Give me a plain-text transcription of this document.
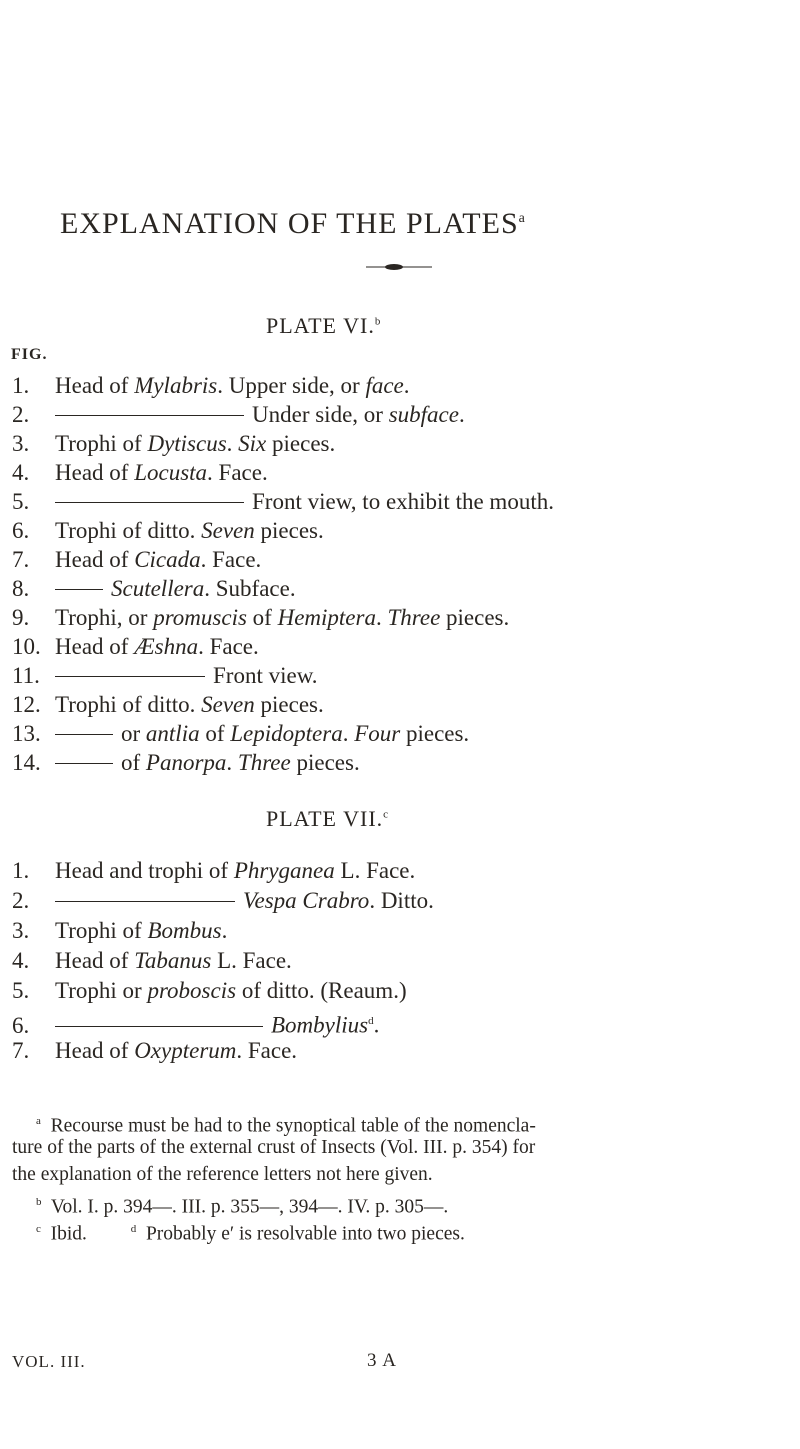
EXPLANATION OF THE PLATES$^a$
PLATE VI.$^b$
FIG.
1. Head of Mylabris. Upper side, or face.
2.	Under side, or subface.
3. Trophi of Dytiscus. Six pieces.
4. Head of Locusta. Face.
5.	Front view, to exhibit the mouth.
6. Trophi of ditto. Seven pieces.
7. Head of Cicada. Face.
8.	Scutellera. Subface.
9. Trophi, or promuscis of Hemiptera. Three pieces.
10. Head of Æshna. Face.
11.	Front view.
12. Trophi of ditto. Seven pieces.
13.	or antlia of Lepidoptera. Four pieces.
14.	of Panorpa. Three pieces.
PLATE VII.$^c$
1. Head and trophi of Phryganea L. Face.
2.	Vespa Crabro. Ditto.
3. Trophi of Bombus.
4. Head of Tabanus L. Face.
5. Trophi or proboscis of ditto. (Reaum.)
6.	Bombylius$^d$.
7. Head of Oxypterum. Face.
$^a$ Recourse must be had to the synoptical table of the nomencla-
ture of the parts of the external crust of Insects (Vol. III. p. 354) for
the explanation of the reference letters not here given.
$^b$ Vol. I. p. 394—. III. p. 355—, 394—. IV. p. 305—.
$^c$ Ibid.	$^d$ Probably e′ is resolvable into two pieces.
VOL. III.	3 A
